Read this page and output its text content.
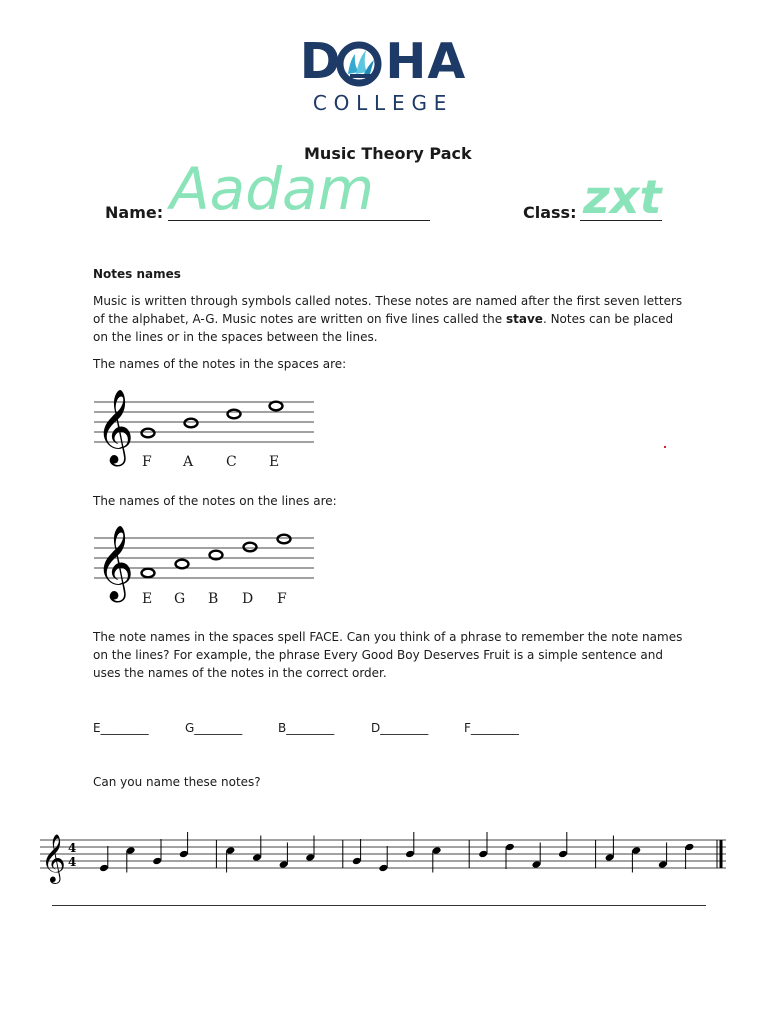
D HA
COLLEGE
Music Theory Pack
Name: Aadam	Class: zxt
Notes names
Music is written through symbols called notes. These notes are named after the first seven letters of the alphabet, A-G. Music notes are written on five lines called the stave. Notes can be placed on the lines or in the spaces between the lines.
The names of the notes in the spaces are:
𝄞 F A C E
The names of the notes on the lines are:
𝄞 E G B D F
The note names in the spaces spell FACE. Can you think of a phrase to remember the note names on the lines? For example, the phrase Every Good Boy Deserves Fruit is a simple sentence and uses the names of the notes in the correct order.
E________	G________	B________	D________	F________
Can you name these notes?
𝄞 4
4
